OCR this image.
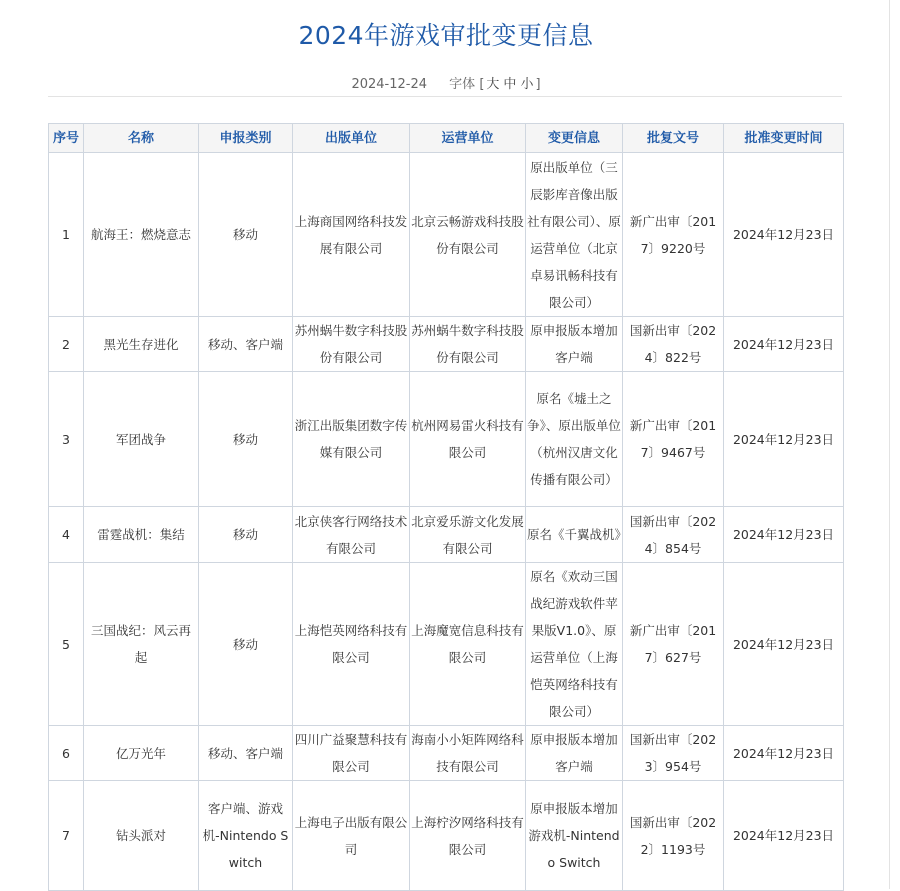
2024年游戏审批变更信息
2024-12-24 字体 [ 大 中 小 ]
序号	名称	申报类别	出版单位	运营单位	变更信息	批复文号	批准变更时间
1	航海王：燃烧意志	移动	上海商国网络科技发展有限公司	北京云畅游戏科技股份有限公司	原出版单位（三辰影库音像出版社有限公司）、原运营单位（北京卓易讯畅科技有限公司）	新广出审〔2017〕9220号	2024年12月23日
2	黑光生存进化	移动、客户端	苏州蜗牛数字科技股份有限公司	苏州蜗牛数字科技股份有限公司	原申报版本增加客户端	国新出审〔2024〕822号	2024年12月23日
3	军团战争	移动	浙江出版集团数字传媒有限公司	杭州网易雷火科技有限公司	原名《墟土之争》、原出版单位（杭州汉唐文化传播有限公司）	新广出审〔2017〕9467号	2024年12月23日
4	雷霆战机：集结	移动	北京侠客行网络技术有限公司	北京爱乐游文化发展有限公司	原名《千翼战机》	国新出审〔2024〕854号	2024年12月23日
5	三国战纪：风云再起	移动	上海恺英网络科技有限公司	上海魔宽信息科技有限公司	原名《欢动三国战纪游戏软件苹果版V1.0》、原运营单位（上海恺英网络科技有限公司）	新广出审〔2017〕627号	2024年12月23日
6	亿万光年	移动、客户端	四川广益聚慧科技有限公司	海南小小矩阵网络科技有限公司	原申报版本增加客户端	国新出审〔2023〕954号	2024年12月23日
7	钻头派对	客户端、游戏机-Nintendo Switch	上海电子出版有限公司	上海柠汐网络科技有限公司	原申报版本增加游戏机-Nintendo Switch	国新出审〔2022〕1193号	2024年12月23日
